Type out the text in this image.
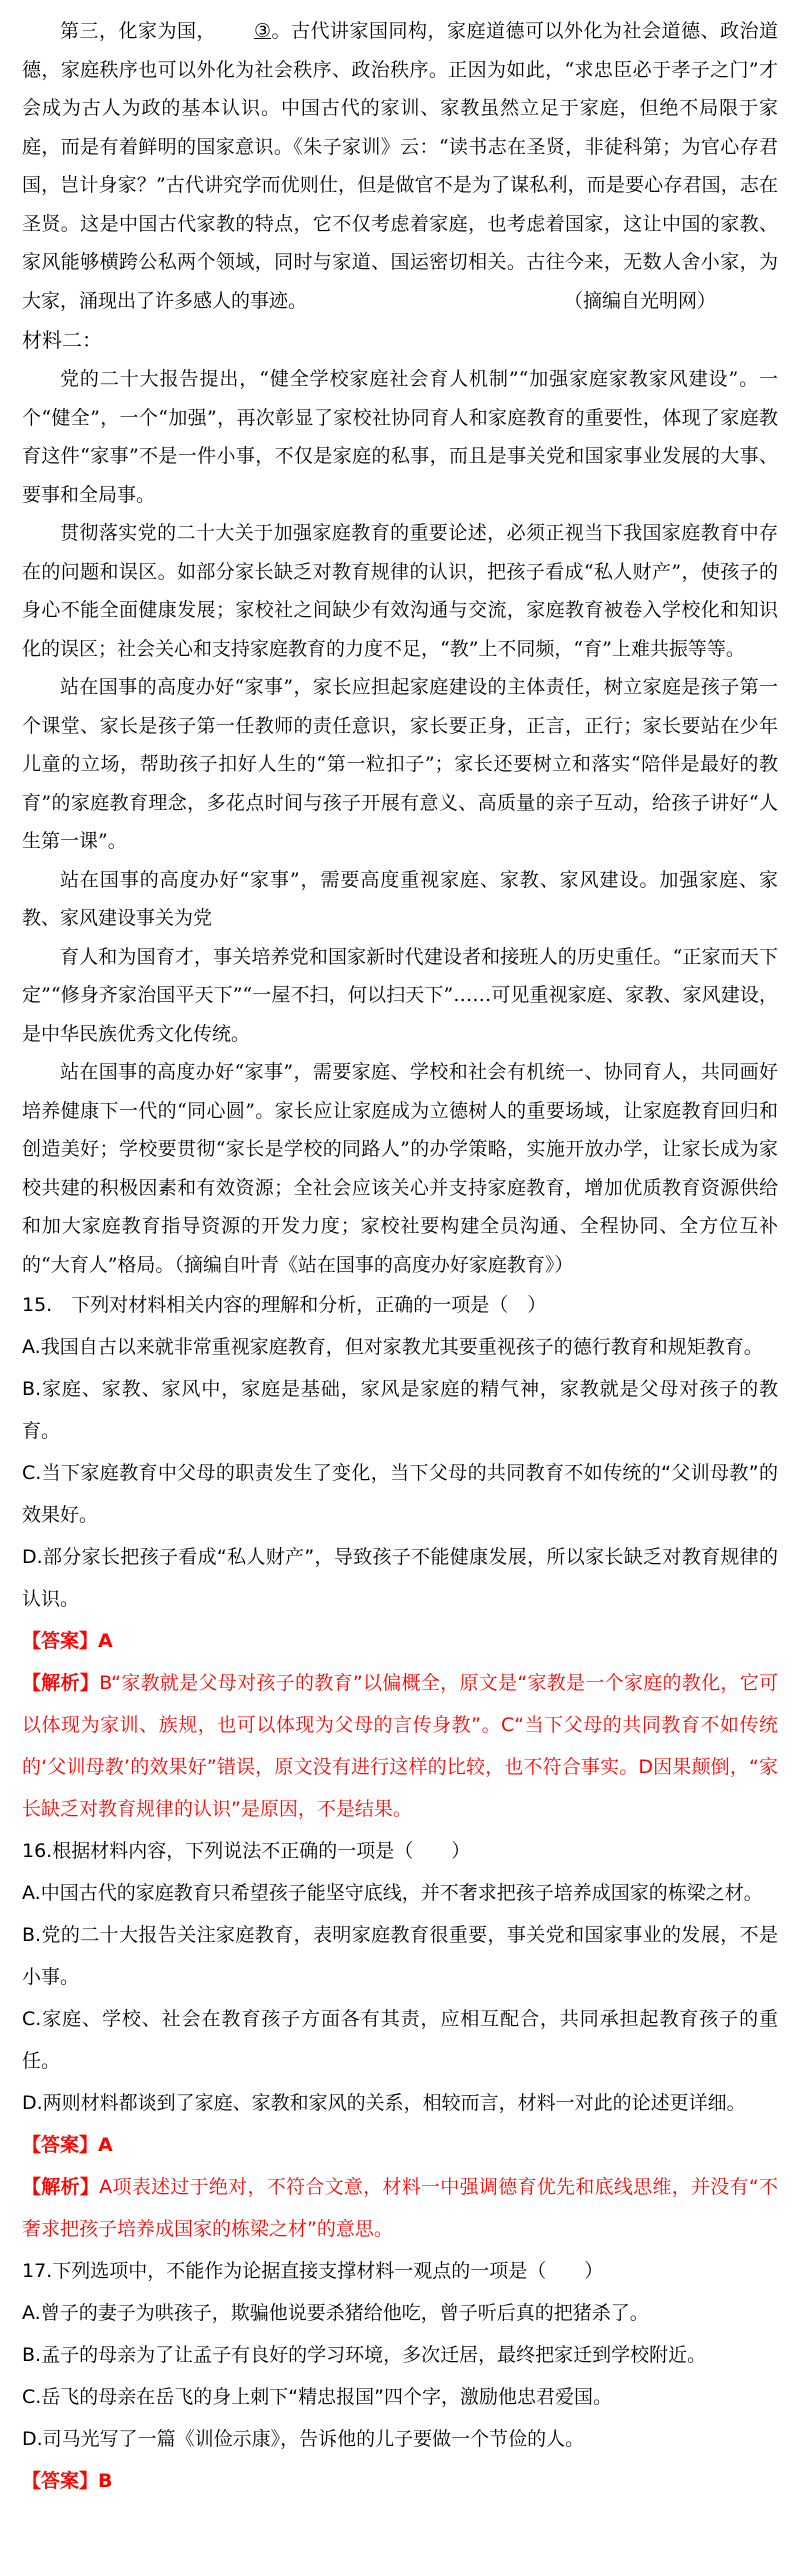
第三，化家为国， ③。古代讲家国同构，家庭道德可以外化为社会道德、政治道德，家庭秩序也可以外化为社会秩序、政治秩序。正因为如此，“求忠臣必于孝子之门”才会成为古人为政的基本认识。中国古代的家训、家教虽然立足于家庭，但绝不局限于家庭，而是有着鲜明的国家意识。《朱子家训》云：“读书志在圣贤，非徒科第；为官心存君国，岂计身家？”古代讲究学而优则仕，但是做官不是为了谋私利，而是要心存君国，志在圣贤。这是中国古代家教的特点，它不仅考虑着家庭，也考虑着国家，这让中国的家教、家风能够横跨公私两个领域，同时与家道、国运密切相关。古往今来，无数人舍小家，为大家，涌现出了许多感人的事迹。	（摘编自光明网）

材料二：

党的二十大报告提出，“健全学校家庭社会育人机制”“加强家庭家教家风建设”。一个“健全”，一个“加强”，再次彰显了家校社协同育人和家庭教育的重要性，体现了家庭教育这件“家事”不是一件小事，不仅是家庭的私事，而且是事关党和国家事业发展的大事、要事和全局事。

贯彻落实党的二十大关于加强家庭教育的重要论述，必须正视当下我国家庭教育中存在的问题和误区。如部分家长缺乏对教育规律的认识，把孩子看成“私人财产”，使孩子的身心不能全面健康发展；家校社之间缺少有效沟通与交流，家庭教育被卷入学校化和知识化的误区；社会关心和支持家庭教育的力度不足，“教”上不同频，“育”上难共振等等。

站在国事的高度办好“家事”，家长应担起家庭建设的主体责任，树立家庭是孩子第一个课堂、家长是孩子第一任教师的责任意识，家长要正身，正言，正行；家长要站在少年儿童的立场，帮助孩子扣好人生的“第一粒扣子”；家长还要树立和落实“陪伴是最好的教育”的家庭教育理念，多花点时间与孩子开展有意义、高质量的亲子互动，给孩子讲好“人生第一课”。

站在国事的高度办好“家事”，需要高度重视家庭、家教、家风建设。加强家庭、家教、家风建设事关为党

育人和为国育才，事关培养党和国家新时代建设者和接班人的历史重任。“正家而天下定”“修身齐家治国平天下”“一屋不扫，何以扫天下”……可见重视家庭、家教、家风建设，是中华民族优秀文化传统。

站在国事的高度办好“家事”，需要家庭、学校和社会有机统一、协同育人，共同画好培养健康下一代的“同心圆”。家长应让家庭成为立德树人的重要场域，让家庭教育回归和创造美好；学校要贯彻“家长是学校的同路人”的办学策略，实施开放办学，让家长成为家校共建的积极因素和有效资源；全社会应该关心并支持家庭教育，增加优质教育资源供给和加大家庭教育指导资源的开发力度；家校社要构建全员沟通、全程协同、全方位互补的“大育人”格局。（摘编自叶青《站在国事的高度办好家庭教育》）

15.　下列对材料相关内容的理解和分析，正确的一项是（　）

A.我国自古以来就非常重视家庭教育，但对家教尤其要重视孩子的德行教育和规矩教育。

B.家庭、家教、家风中，家庭是基础，家风是家庭的精气神，家教就是父母对孩子的教育。

C.当下家庭教育中父母的职责发生了变化，当下父母的共同教育不如传统的“父训母教”的效果好。

D.部分家长把孩子看成“私人财产”，导致孩子不能健康发展，所以家长缺乏对教育规律的认识。

【答案】A

【解析】B“家教就是父母对孩子的教育”以偏概全，原文是“家教是一个家庭的教化，它可以体现为家训、族规，也可以体现为父母的言传身教”。C“当下父母的共同教育不如传统的‘父训母教’的效果好”错误，原文没有进行这样的比较，也不符合事实。D因果颠倒，“家长缺乏对教育规律的认识”是原因，不是结果。

16.根据材料内容，下列说法不正确的一项是（　　）

A.中国古代的家庭教育只希望孩子能坚守底线，并不奢求把孩子培养成国家的栋梁之材。

B.党的二十大报告关注家庭教育，表明家庭教育很重要，事关党和国家事业的发展，不是小事。

C.家庭、学校、社会在教育孩子方面各有其责，应相互配合，共同承担起教育孩子的重任。

D.两则材料都谈到了家庭、家教和家风的关系，相较而言，材料一对此的论述更详细。

【答案】A

【解析】A项表述过于绝对，不符合文意，材料一中强调德育优先和底线思维，并没有“不奢求把孩子培养成国家的栋梁之材”的意思。

17.下列选项中，不能作为论据直接支撑材料一观点的一项是（　　）

A.曾子的妻子为哄孩子，欺骗他说要杀猪给他吃，曾子听后真的把猪杀了。

B.孟子的母亲为了让孟子有良好的学习环境，多次迁居，最终把家迁到学校附近。

C.岳飞的母亲在岳飞的身上刺下“精忠报国”四个字，激励他忠君爱国。

D.司马光写了一篇《训俭示康》，告诉他的儿子要做一个节俭的人。

【答案】B
